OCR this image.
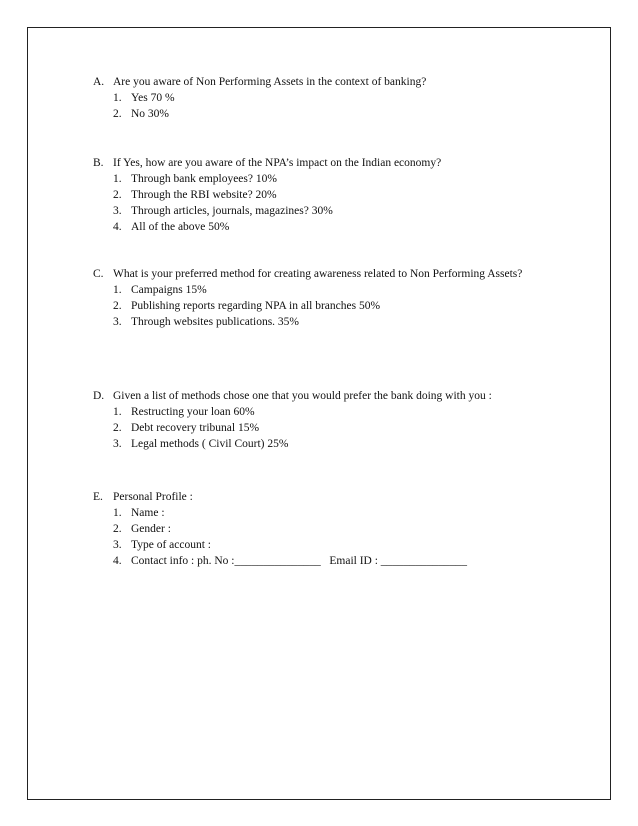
A. Are you aware of Non Performing Assets in the context of banking?
1. Yes 70 %
2. No 30%
B. If Yes, how are you aware of the NPA’s impact on the Indian economy?
1. Through bank employees? 10%
2. Through the RBI website? 20%
3. Through articles, journals, magazines? 30%
4. All of the above 50%
C. What is your preferred method for creating awareness related to Non Performing Assets?
1. Campaigns 15%
2. Publishing reports regarding NPA in all branches 50%
3. Through websites publications. 35%
D. Given a list of methods chose one that you would prefer the bank doing with you :
1. Restructing your loan 60%
2. Debt recovery tribunal 15%
3. Legal methods ( Civil Court) 25%
E. Personal Profile :
1. Name :
2. Gender :
3. Type of account :
4. Contact info : ph. No :_______________   Email ID : _______________
